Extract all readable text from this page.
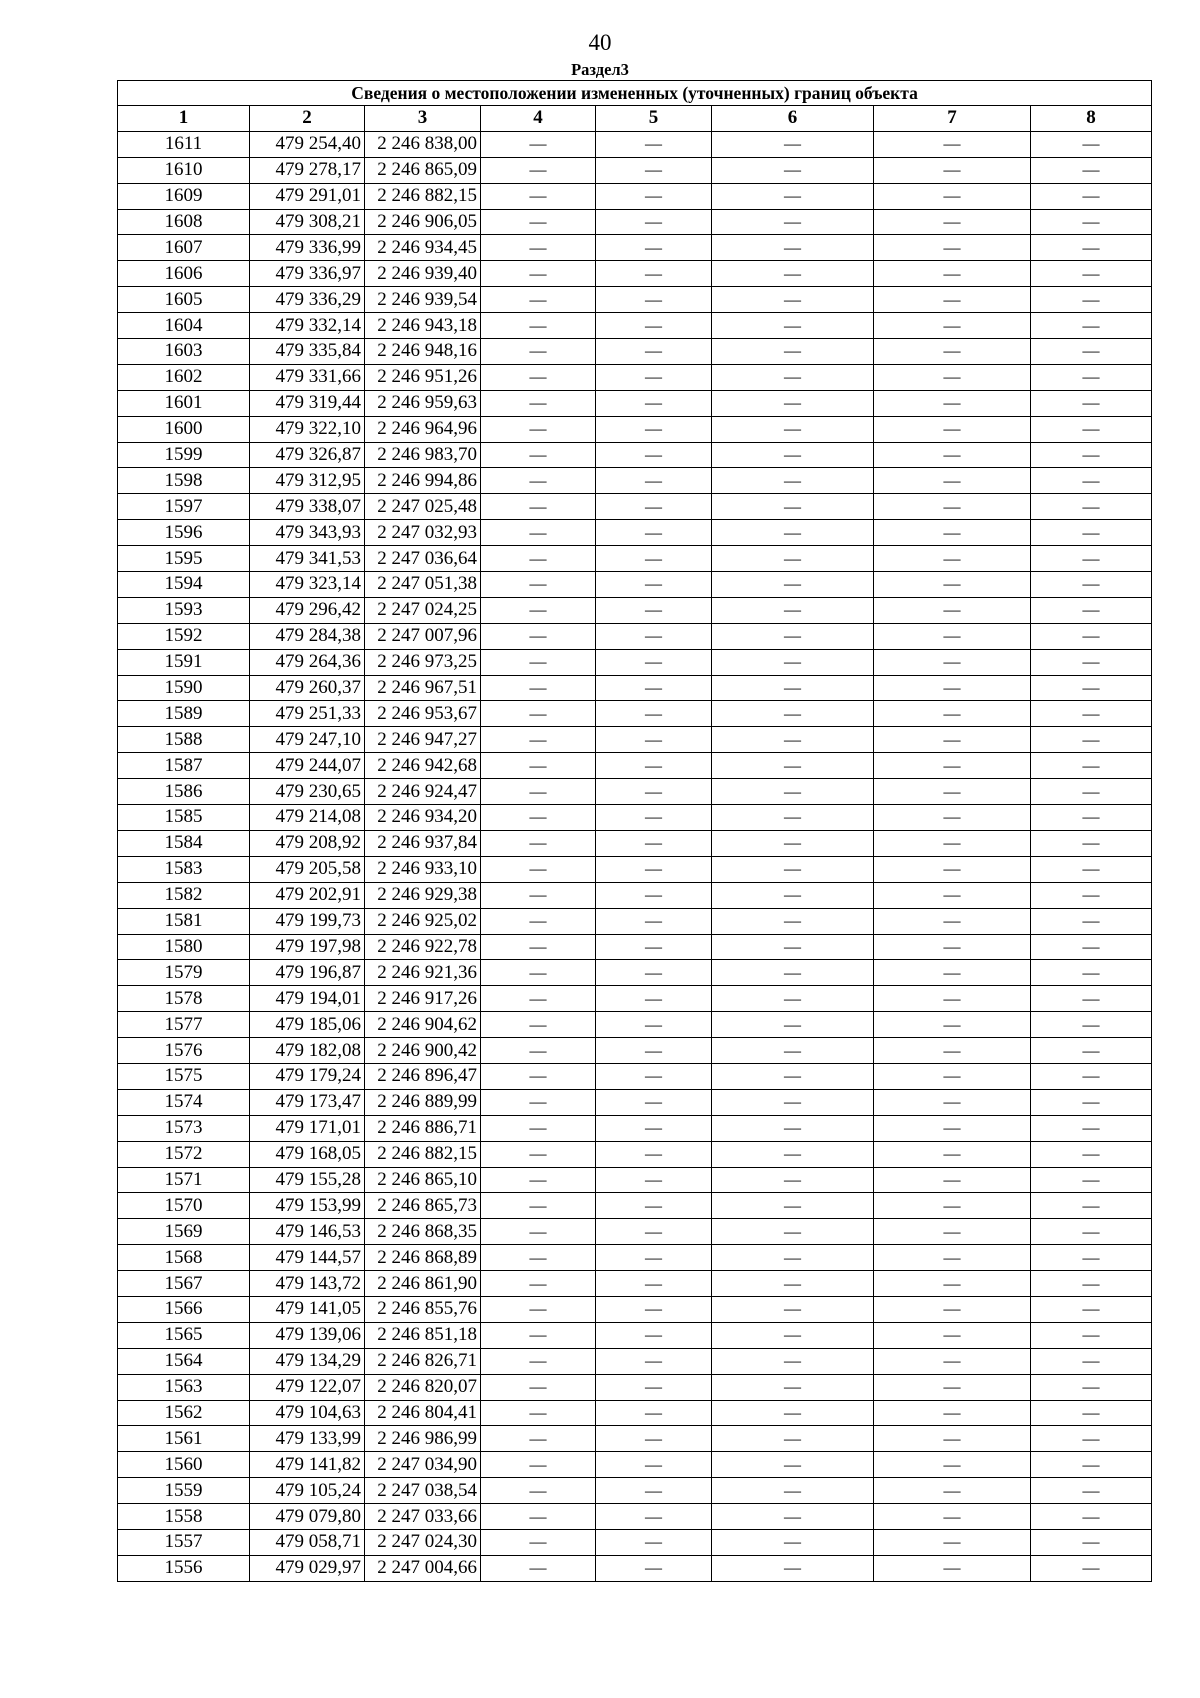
40
Раздел3
Сведения о местоположении измененных (уточненных) границ объекта							
1	2	3	4	5	6	7	8
1611	479 254,40	2 246 838,00	—	—	—	—	—
1610	479 278,17	2 246 865,09	—	—	—	—	—
1609	479 291,01	2 246 882,15	—	—	—	—	—
1608	479 308,21	2 246 906,05	—	—	—	—	—
1607	479 336,99	2 246 934,45	—	—	—	—	—
1606	479 336,97	2 246 939,40	—	—	—	—	—
1605	479 336,29	2 246 939,54	—	—	—	—	—
1604	479 332,14	2 246 943,18	—	—	—	—	—
1603	479 335,84	2 246 948,16	—	—	—	—	—
1602	479 331,66	2 246 951,26	—	—	—	—	—
1601	479 319,44	2 246 959,63	—	—	—	—	—
1600	479 322,10	2 246 964,96	—	—	—	—	—
1599	479 326,87	2 246 983,70	—	—	—	—	—
1598	479 312,95	2 246 994,86	—	—	—	—	—
1597	479 338,07	2 247 025,48	—	—	—	—	—
1596	479 343,93	2 247 032,93	—	—	—	—	—
1595	479 341,53	2 247 036,64	—	—	—	—	—
1594	479 323,14	2 247 051,38	—	—	—	—	—
1593	479 296,42	2 247 024,25	—	—	—	—	—
1592	479 284,38	2 247 007,96	—	—	—	—	—
1591	479 264,36	2 246 973,25	—	—	—	—	—
1590	479 260,37	2 246 967,51	—	—	—	—	—
1589	479 251,33	2 246 953,67	—	—	—	—	—
1588	479 247,10	2 246 947,27	—	—	—	—	—
1587	479 244,07	2 246 942,68	—	—	—	—	—
1586	479 230,65	2 246 924,47	—	—	—	—	—
1585	479 214,08	2 246 934,20	—	—	—	—	—
1584	479 208,92	2 246 937,84	—	—	—	—	—
1583	479 205,58	2 246 933,10	—	—	—	—	—
1582	479 202,91	2 246 929,38	—	—	—	—	—
1581	479 199,73	2 246 925,02	—	—	—	—	—
1580	479 197,98	2 246 922,78	—	—	—	—	—
1579	479 196,87	2 246 921,36	—	—	—	—	—
1578	479 194,01	2 246 917,26	—	—	—	—	—
1577	479 185,06	2 246 904,62	—	—	—	—	—
1576	479 182,08	2 246 900,42	—	—	—	—	—
1575	479 179,24	2 246 896,47	—	—	—	—	—
1574	479 173,47	2 246 889,99	—	—	—	—	—
1573	479 171,01	2 246 886,71	—	—	—	—	—
1572	479 168,05	2 246 882,15	—	—	—	—	—
1571	479 155,28	2 246 865,10	—	—	—	—	—
1570	479 153,99	2 246 865,73	—	—	—	—	—
1569	479 146,53	2 246 868,35	—	—	—	—	—
1568	479 144,57	2 246 868,89	—	—	—	—	—
1567	479 143,72	2 246 861,90	—	—	—	—	—
1566	479 141,05	2 246 855,76	—	—	—	—	—
1565	479 139,06	2 246 851,18	—	—	—	—	—
1564	479 134,29	2 246 826,71	—	—	—	—	—
1563	479 122,07	2 246 820,07	—	—	—	—	—
1562	479 104,63	2 246 804,41	—	—	—	—	—
1561	479 133,99	2 246 986,99	—	—	—	—	—
1560	479 141,82	2 247 034,90	—	—	—	—	—
1559	479 105,24	2 247 038,54	—	—	—	—	—
1558	479 079,80	2 247 033,66	—	—	—	—	—
1557	479 058,71	2 247 024,30	—	—	—	—	—
1556	479 029,97	2 247 004,66	—	—	—	—	—
